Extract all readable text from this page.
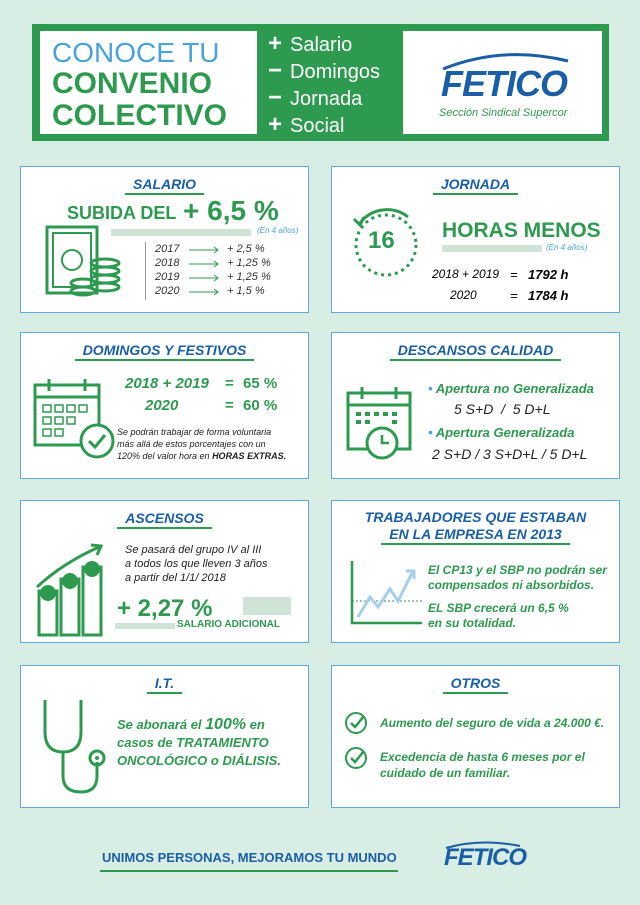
CONOCE TU
CONVENIO
COLECTIVO
+ Salario
− Domingos
− Jornada
+ Social
FETICO
Sección Sindical Supercor
SALARIO
SUBIDA DEL + 6,5 %
(En 4 años)
2017
2018
2019
2020
+ 2,5 %
+ 1,25 %
+ 1,25 %
+ 1,5 %
JORNADA
16 HORAS MENOS
(En 4 años)
2018 + 2019 = 1792 h
2020	= 1784 h
DOMINGOS Y FESTIVOS
2018 + 2019 = 65 %
2020	= 60 %
Se podrán trabajar de forma voluntaria
más allá de estos porcentajes con un
120% del valor hora en HORAS EXTRAS.
DESCANSOS CALIDAD
• Apertura no Generalizada
5 S+D  /  5 D+L
• Apertura Generalizada
2 S+D / 3 S+D+L / 5 D+L
ASCENSOS
Se pasará del grupo IV al III
a todos los que lleven 3 años
a partir del 1/1/ 2018
+ 2,27 %
SALARIO ADICIONAL
TRABAJADORES QUE ESTABAN
EN LA EMPRESA EN 2013
El CP13 y el SBP no podrán ser
compensados ni absorbidos.
EL SBP crecerá un 6,5 %
en su totalidad.
I.T.
Se abonará el 100% en
casos de TRATAMIENTO
ONCOLÓGICO o DIÁLISIS.
OTROS
Aumento del seguro de vida a 24.000 €.
Excedencia de hasta 6 meses por el
cuidado de un familiar.
UNIMOS PERSONAS, MEJORAMOS TU MUNDO FETICO
